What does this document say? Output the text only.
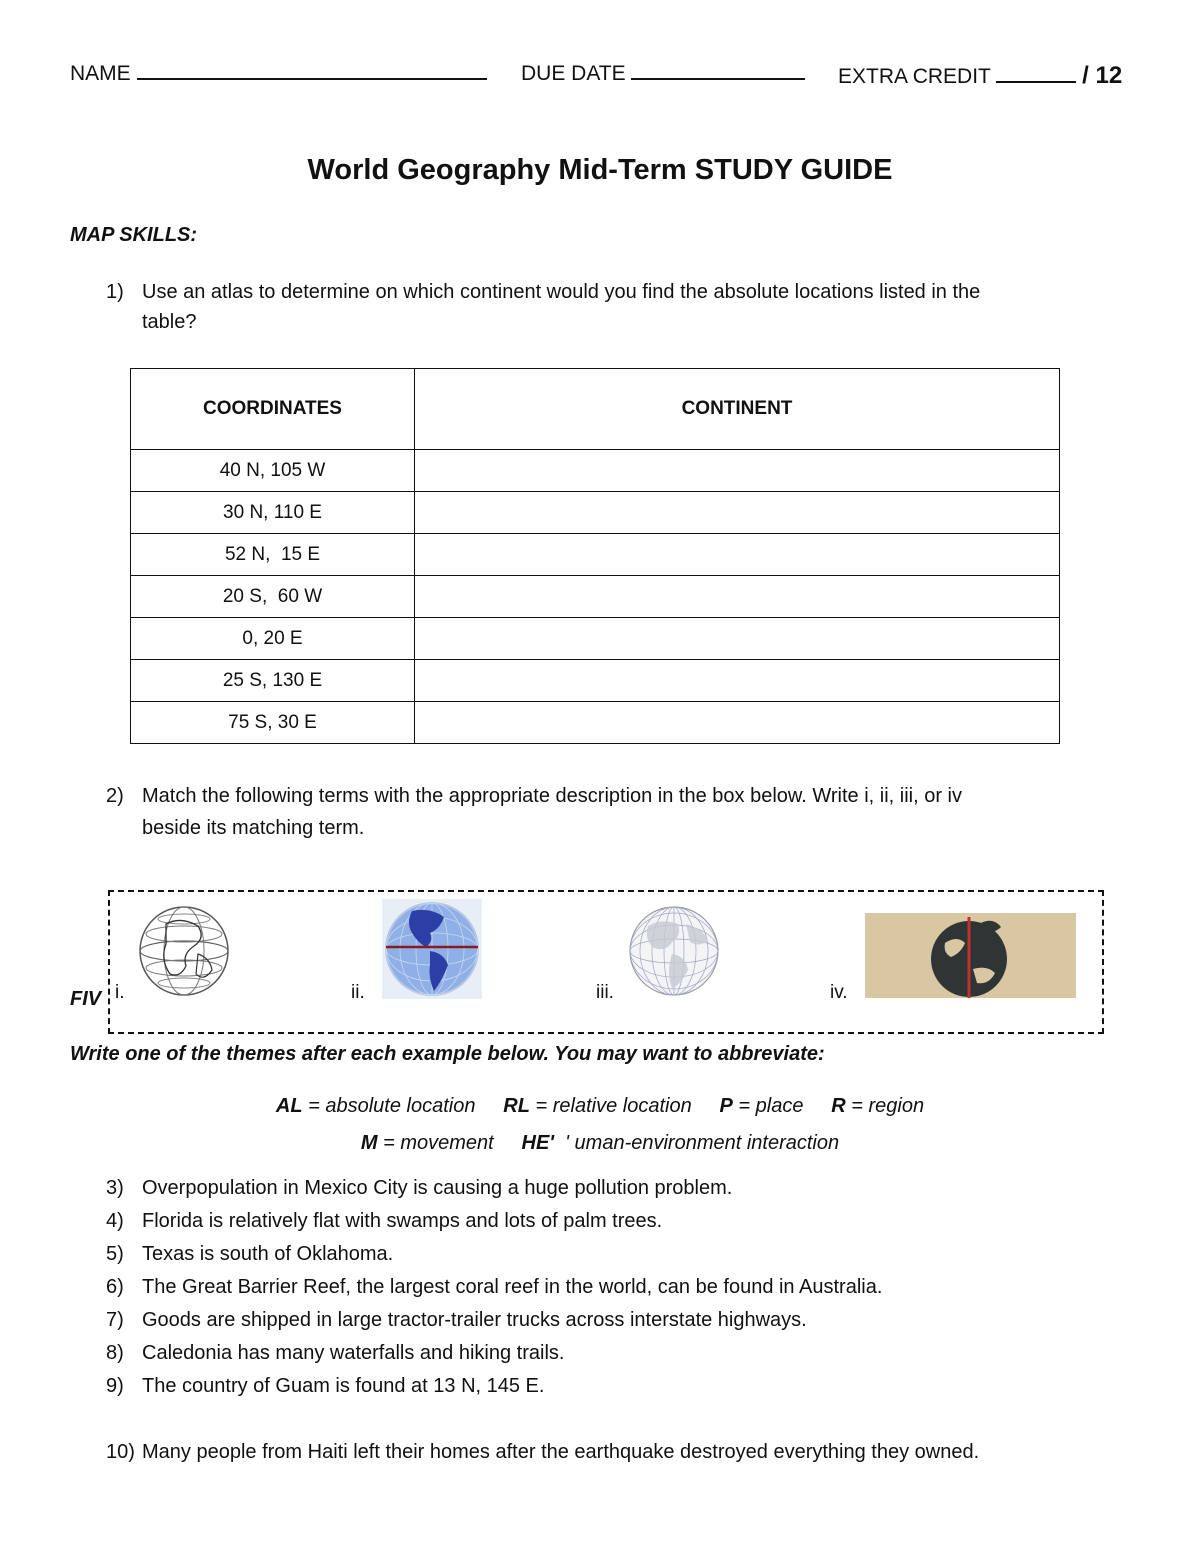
NAME	DUE DATE	EXTRA CREDIT	/ 12
World Geography Mid-Term STUDY GUIDE
MAP SKILLS:
1) Use an atlas to determine on which continent would you find the absolute locations listed in the
table?
COORDINATES	CONTINENT
40 N, 105 W	
30 N, 110 E	
52 N,  15 E	
20 S,  60 W	
0, 20 E	
25 S, 130 E	
75 S, 30 E	
2) Match the following terms with the appropriate description in the box below. Write i, ii, iii, or iv
beside its matching term.
FIV i.	ii.	iii.	iv.
Write one of the themes after each example below. You may want to abbreviate:
AL = absolute location RL = relative location P = place R = region
M = movement HE'  ' uman-environment interaction
3) Overpopulation in Mexico City is causing a huge pollution problem.
4) Florida is relatively flat with swamps and lots of palm trees.
5) Texas is south of Oklahoma.
6) The Great Barrier Reef, the largest coral reef in the world, can be found in Australia.
7) Goods are shipped in large tractor-trailer trucks across interstate highways.
8) Caledonia has many waterfalls and hiking trails.
9) The country of Guam is found at 13 N, 145 E.
10) Many people from Haiti left their homes after the earthquake destroyed everything they owned.
